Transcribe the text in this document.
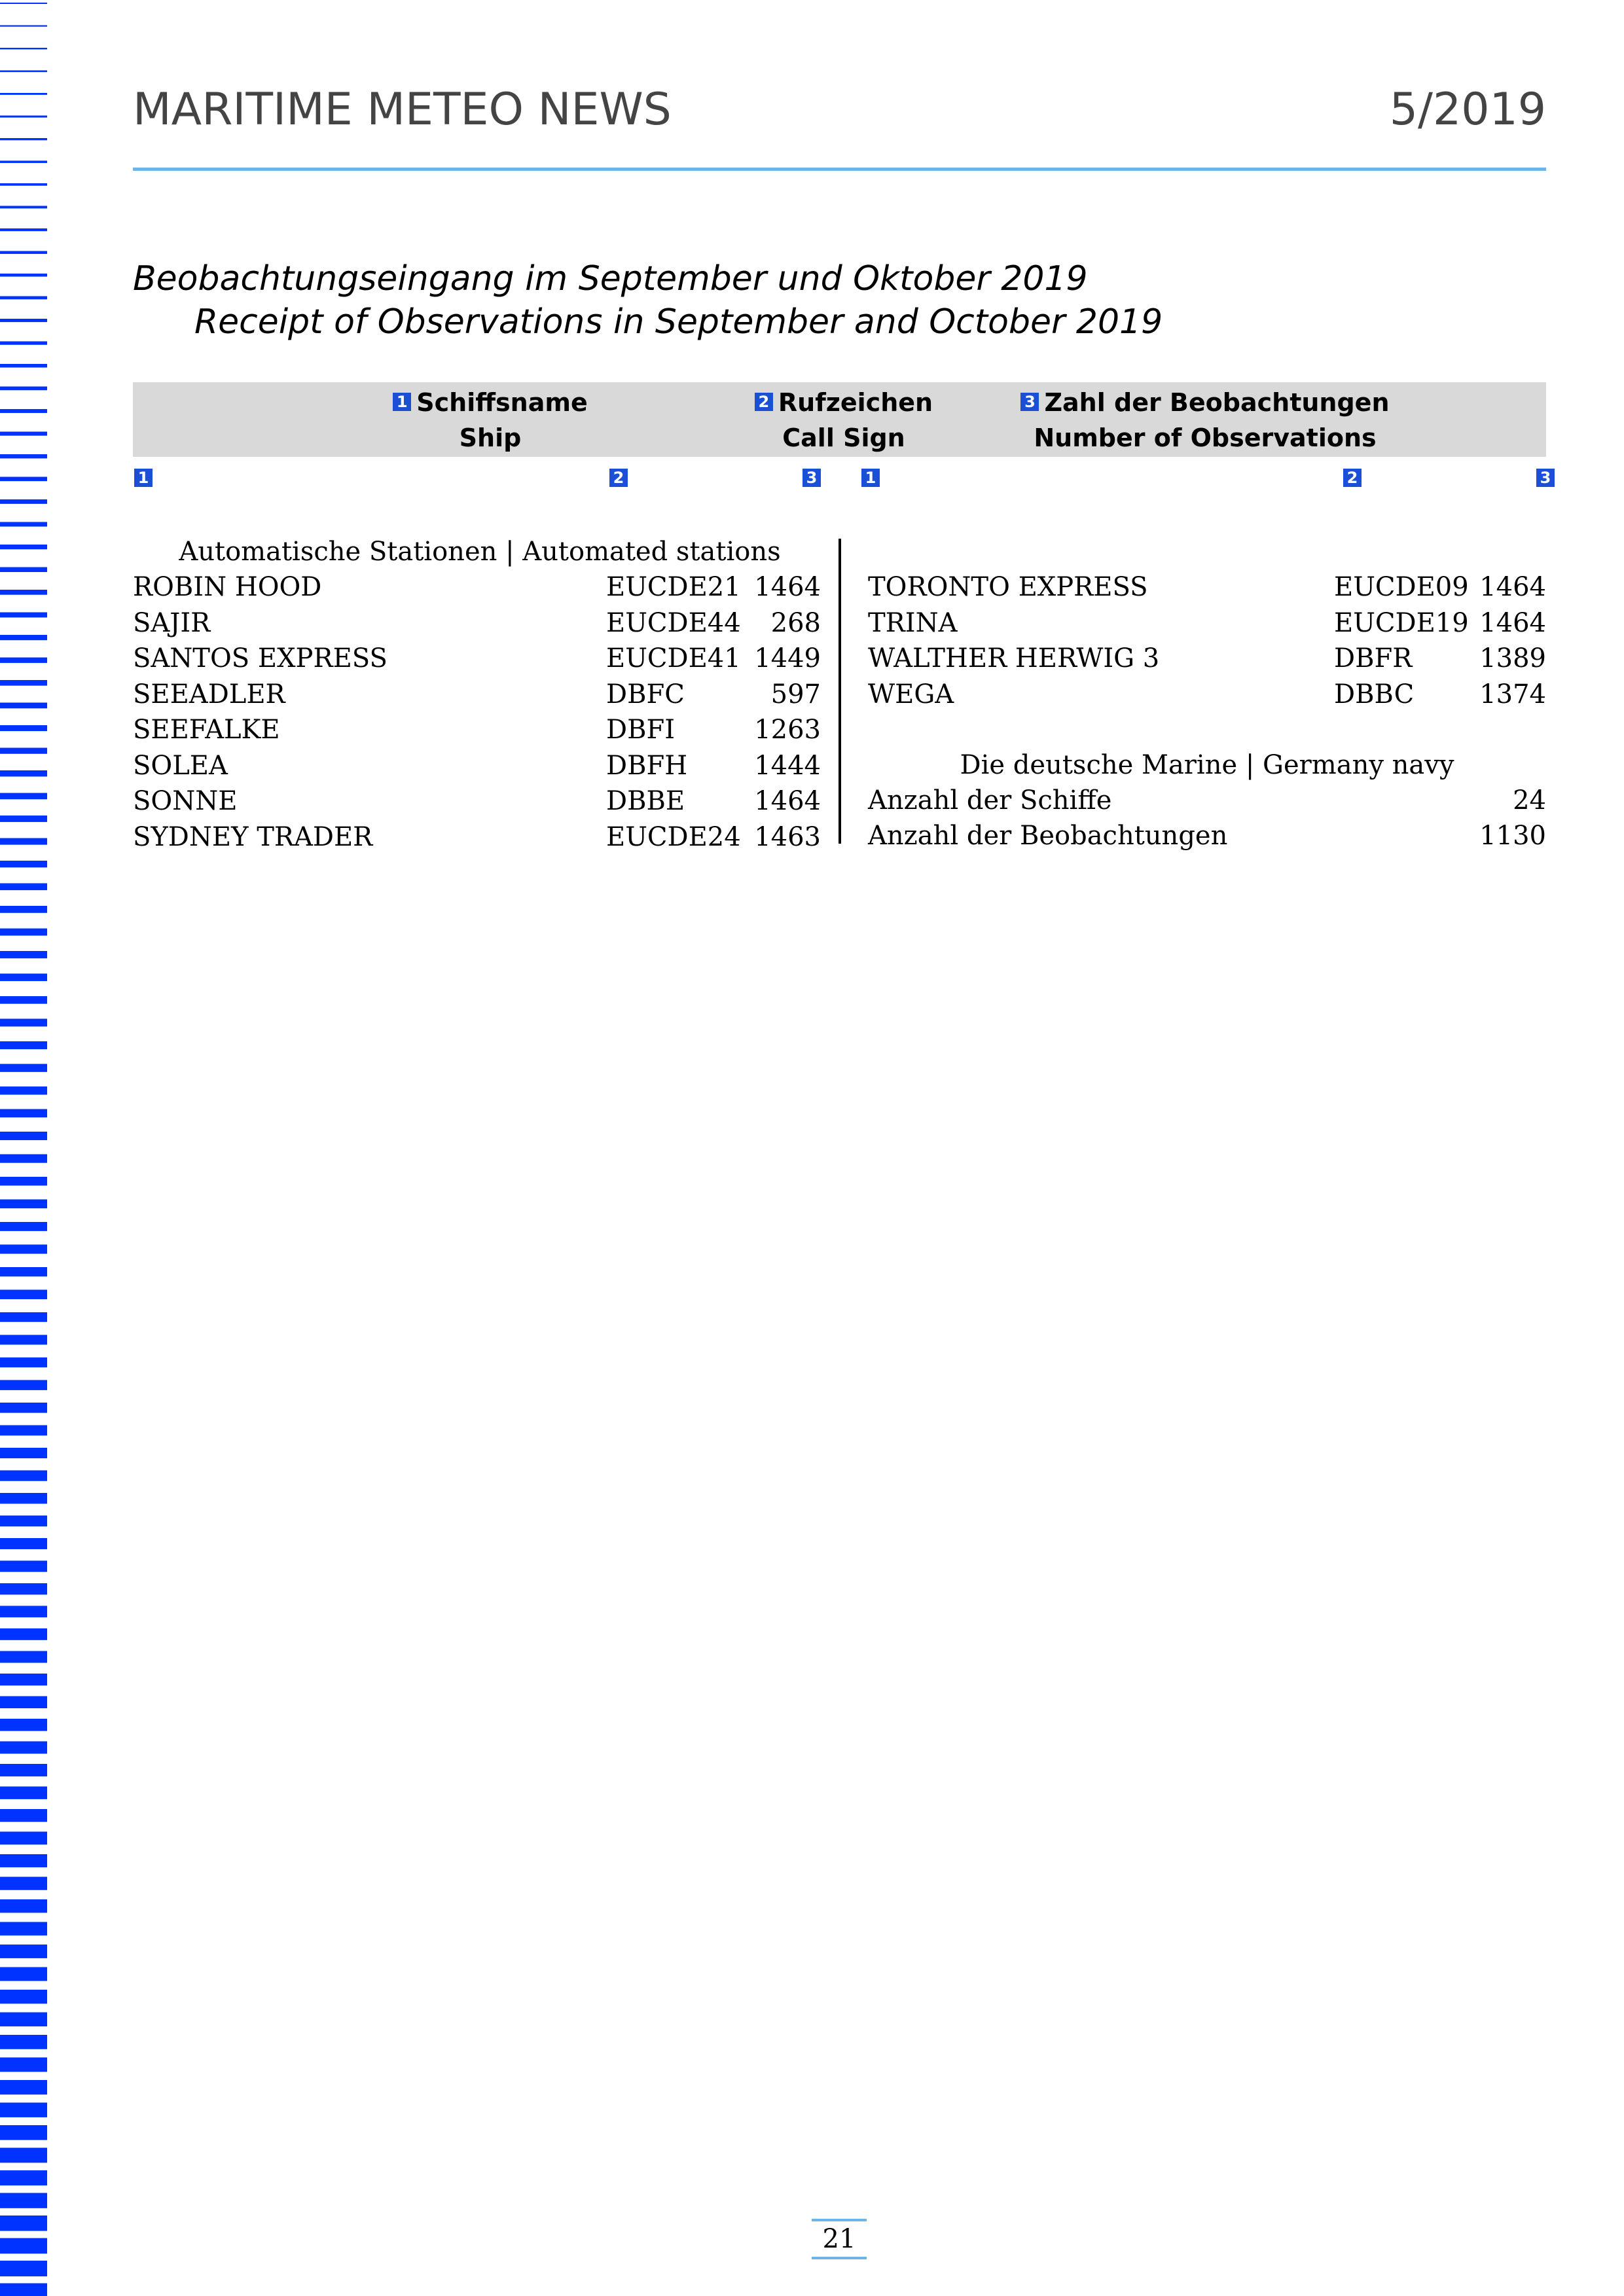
MARITIME METEO NEWS	5/2019
Beobachtungseingang im September und Oktober 2019
Receipt of Observations in September and October 2019
1 Schiffsname
Ship
2 Rufzeichen
Call Sign
3 Zahl der Beobachtungen
Number of Observations
1	2	3	1	2	3
Automatische Stationen | Automated stations
ROBIN HOOD	EUCDE21 1464
SAJIR	EUCDE44	268
SANTOS EXPRESS	EUCDE41 1449
SEEADLER	DBFC	597
SEEFALKE	DBFI	1263
SOLEA	DBFH	1444
SONNE	DBBE	1464
SYDNEY TRADER	EUCDE24 1463
TORONTO EXPRESS	EUCDE09 1464
TRINA	EUCDE19 1464
WALTHER HERWIG 3	DBFR	1389
WEGA	DBBC	1374
Die deutsche Marine | Germany navy
Anzahl der Schiffe	24
Anzahl der Beobachtungen	1130
21
